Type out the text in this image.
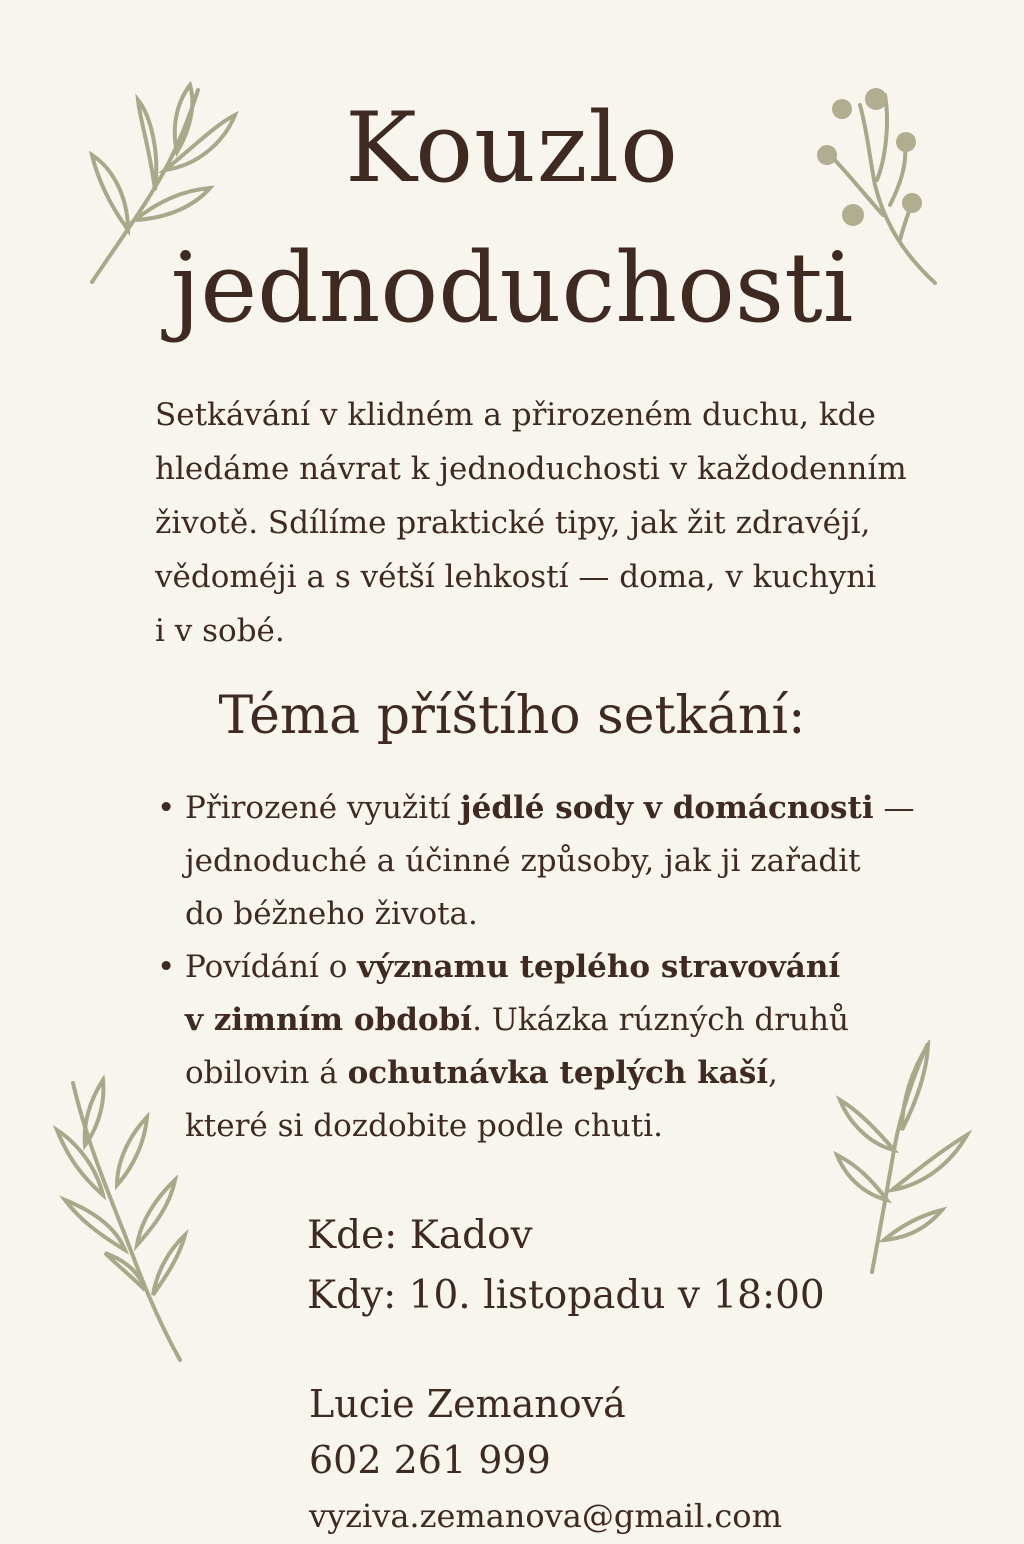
Kouzlo
jednoduchosti

Setkávání v klidném a přirozeném duchu, kde
hledáme návrat k jednoduchosti v každodenním
životě. Sdílíme praktické tipy, jak žit zdravéjí,
vědoméji a s vétší lehkostí — doma, v kuchyni
i v sobé.

Téma příštího setkání:
• Přirozené využití jédlé sody v domácnosti —
jednoduché a účinné způsoby, jak ji zařadit
do béžneho života.
• Povídání o významu teplého stravování
v zimním období. Ukázka rúzných druhů
obilovin á ochutnávka teplých kaší,
které si dozdobite podle chuti.
Kde: Kadov
Kdy: 10. listopadu v 18:00
Lucie Zemanová
602 261 999
vyziva.zemanova@gmail.com
